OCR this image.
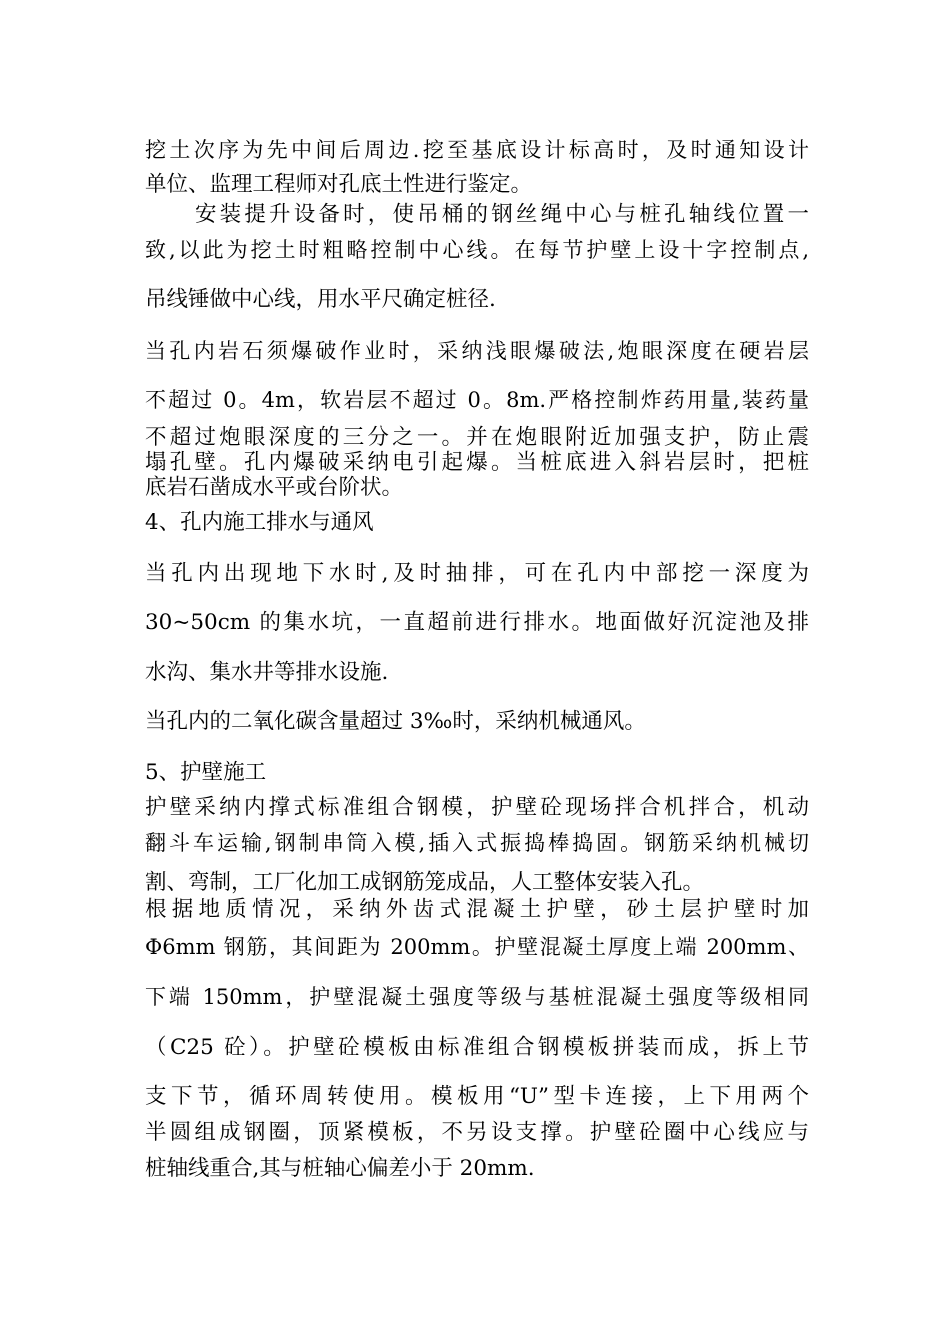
挖土次序为先中间后周边.挖至基底设计标高时，及时通知设计
单位、监理工程师对孔底土性进行鉴定。
安装提升设备时，使吊桶的钢丝绳中心与桩孔轴线位置一
致,以此为挖土时粗略控制中心线。在每节护壁上设十字控制点,
吊线锤做中心线，用水平尺确定桩径.
当孔内岩石须爆破作业时，采纳浅眼爆破法,炮眼深度在硬岩层
不超过 0。4m，软岩层不超过 0。8m.严格控制炸药用量,装药量
不超过炮眼深度的三分之一。并在炮眼附近加强支护，防止震
塌孔壁。孔内爆破采纳电引起爆。当桩底进入斜岩层时，把桩
底岩石凿成水平或台阶状。
4、孔内施工排水与通风
当孔内出现地下水时,及时抽排，可在孔内中部挖一深度为
30~50cm 的集水坑，一直超前进行排水。地面做好沉淀池及排
水沟、集水井等排水设施.
当孔内的二氧化碳含量超过 3‰时，采纳机械通风。
5、护壁施工
护壁采纳内撑式标准组合钢模，护壁砼现场拌合机拌合，机动
翻斗车运输,钢制串筒入模,插入式振捣棒捣固。钢筋采纳机械切
割、弯制，工厂化加工成钢筋笼成品，人工整体安装入孔。
根据地质情况，采纳外齿式混凝土护壁，砂土层护壁时加
Φ6mm 钢筋，其间距为 200mm。护壁混凝土厚度上端 200mm、
下端 150mm，护壁混凝土强度等级与基桩混凝土强度等级相同
（C25 砼）。护壁砼模板由标准组合钢模板拼装而成，拆上节
支下节，循环周转使用。模板用“U”型卡连接，上下用两个
半圆组成钢圈，顶紧模板，不另设支撑。护壁砼圈中心线应与
桩轴线重合,其与桩轴心偏差小于 20mm.
